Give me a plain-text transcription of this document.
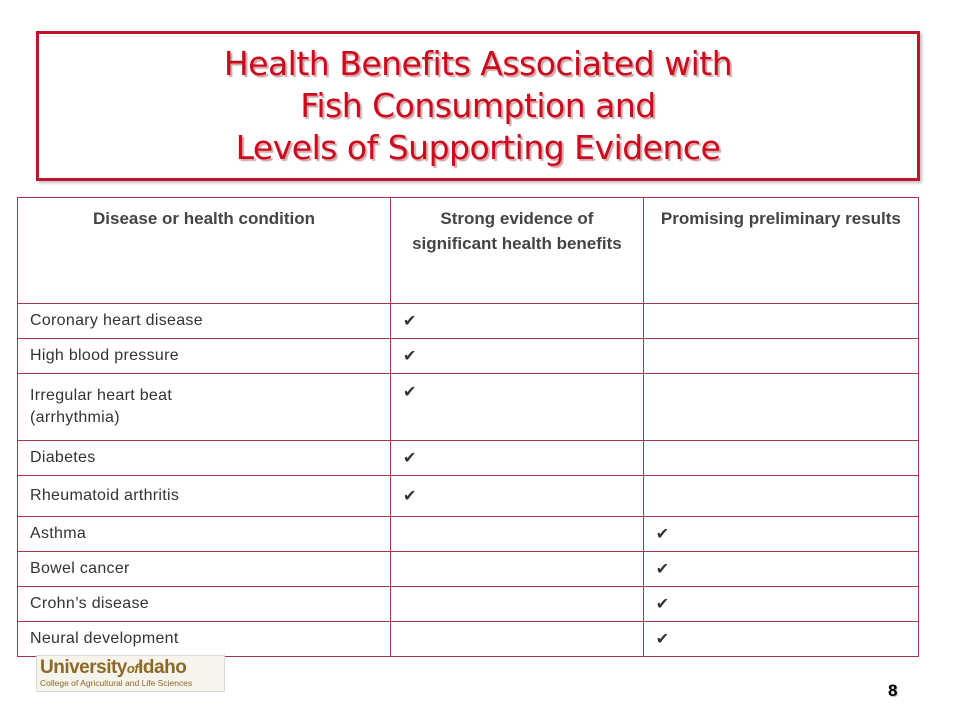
Health Benefits Associated with
Fish Consumption and
Levels of Supporting Evidence
Disease or health condition	Strong evidence of significant health benefits	Promising preliminary results
Coronary heart disease	✔	
High blood pressure	✔	
Irregular heart beat (arrhythmia)	✔	
Diabetes	✔	
Rheumatoid arthritis	✔	
Asthma		✔
Bowel cancer		✔
Crohn’s disease		✔
Neural development		✔
UniversityofIdaho
College of Agricultural and Life Sciences	8
